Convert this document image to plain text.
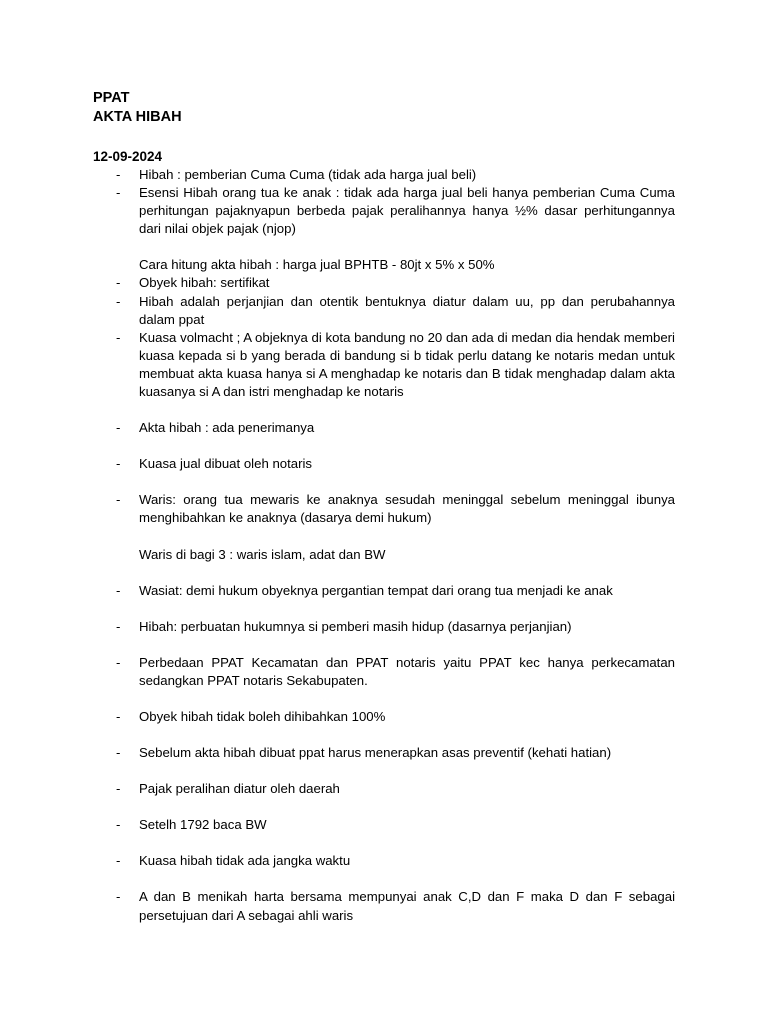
PPAT
AKTA HIBAH
12-09-2024
- Hibah : pemberian Cuma Cuma (tidak ada harga jual beli)
- Esensi Hibah orang tua ke anak : tidak ada harga jual beli hanya pemberian Cuma Cuma perhitungan pajaknyapun berbeda pajak peralihannya hanya ½% dasar perhitungannya dari nilai objek pajak (njop)
Cara hitung akta hibah : harga jual BPHTB - 80jt x 5% x 50%
- Obyek hibah: sertifikat
- Hibah adalah perjanjian dan otentik bentuknya diatur dalam uu, pp dan perubahannya dalam ppat
- Kuasa volmacht ; A objeknya di kota bandung no 20 dan ada di medan dia hendak memberi kuasa kepada si b yang berada di bandung si b tidak perlu datang ke notaris medan untuk membuat akta kuasa hanya si A menghadap ke notaris dan B tidak menghadap dalam akta kuasanya si A dan istri menghadap ke notaris
- Akta hibah : ada penerimanya
- Kuasa jual dibuat oleh notaris
- Waris: orang tua mewaris ke anaknya sesudah meninggal sebelum meninggal ibunya menghibahkan ke anaknya (dasarya demi hukum)
Waris di bagi 3 : waris islam, adat dan BW
- Wasiat: demi hukum obyeknya pergantian tempat dari orang tua menjadi ke anak
- Hibah: perbuatan hukumnya si pemberi masih hidup (dasarnya perjanjian)
- Perbedaan PPAT Kecamatan dan PPAT notaris yaitu PPAT kec hanya perkecamatan sedangkan PPAT notaris Sekabupaten.
- Obyek hibah tidak boleh dihibahkan 100%
- Sebelum akta hibah dibuat ppat harus menerapkan asas preventif (kehati hatian)
- Pajak peralihan diatur oleh daerah
- Setelh 1792 baca BW
- Kuasa hibah tidak ada jangka waktu
- A dan B menikah harta bersama mempunyai anak C,D dan F maka D dan F sebagai persetujuan dari A sebagai ahli waris
